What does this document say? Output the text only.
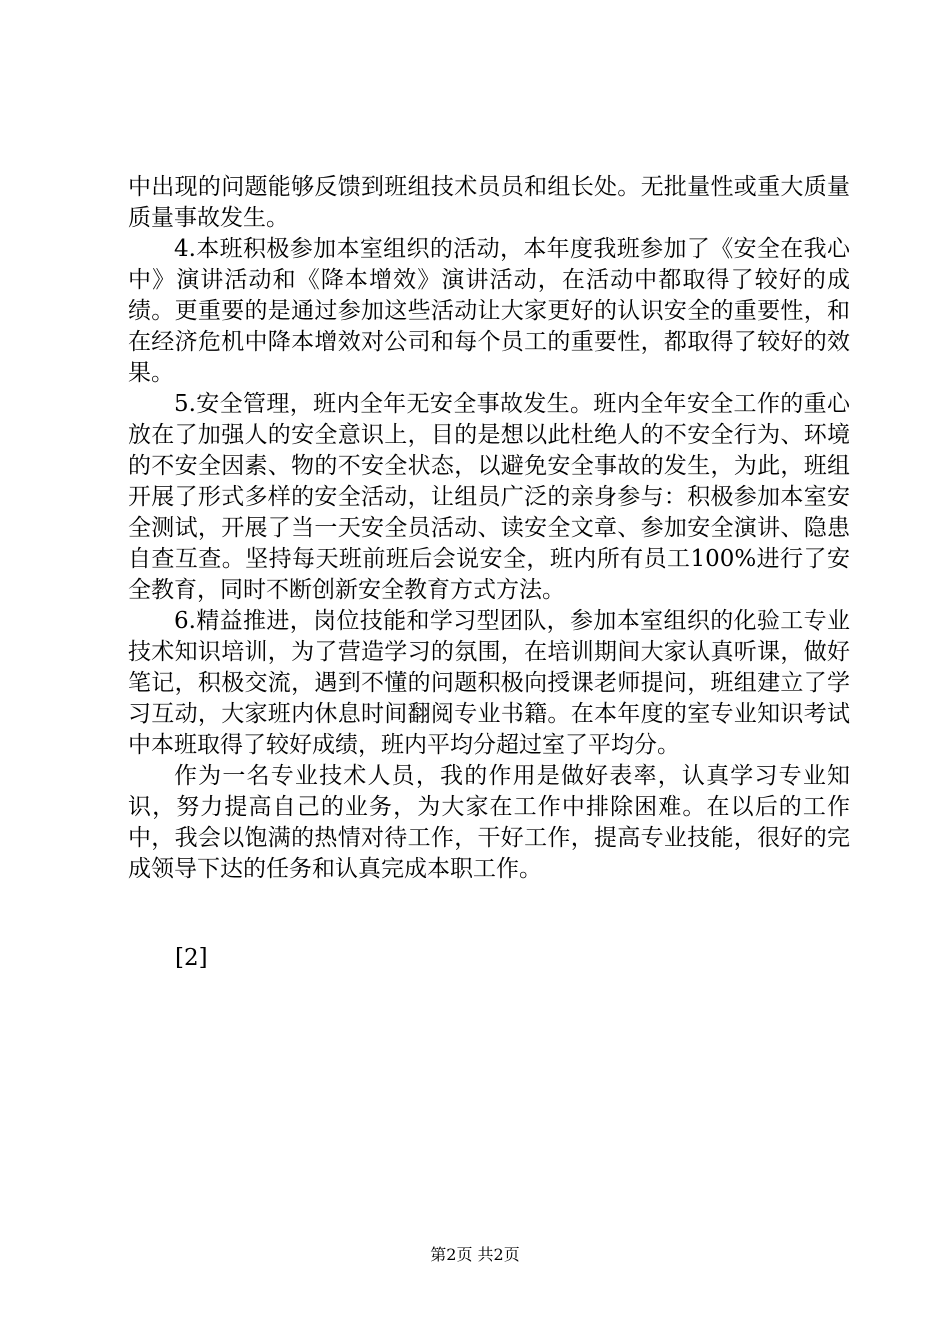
中出现的问题能够反馈到班组技术员员和组长处。无批量性或重大质量质量事故发生。

4.本班积极参加本室组织的活动，本年度我班参加了《安全在我心中》演讲活动和《降本增效》演讲活动，在活动中都取得了较好的成绩。更重要的是通过参加这些活动让大家更好的认识安全的重要性，和在经济危机中降本增效对公司和每个员工的重要性，都取得了较好的效果。

5.安全管理，班内全年无安全事故发生。班内全年安全工作的重心放在了加强人的安全意识上，目的是想以此杜绝人的不安全行为、环境的不安全因素、物的不安全状态，以避免安全事故的发生，为此，班组开展了形式多样的安全活动，让组员广泛的亲身参与：积极参加本室安全测试，开展了当一天安全员活动、读安全文章、参加安全演讲、隐患自查互查。坚持每天班前班后会说安全，班内所有员工100%进行了安全教育，同时不断创新安全教育方式方法。

6.精益推进，岗位技能和学习型团队，参加本室组织的化验工专业技术知识培训，为了营造学习的氛围，在培训期间大家认真听课，做好笔记，积极交流，遇到不懂的问题积极向授课老师提问，班组建立了学习互动，大家班内休息时间翻阅专业书籍。在本年度的室专业知识考试中本班取得了较好成绩，班内平均分超过室了平均分。

作为一名专业技术人员，我的作用是做好表率，认真学习专业知识，努力提高自己的业务，为大家在工作中排除困难。在以后的工作中，我会以饱满的热情对待工作，干好工作，提高专业技能，很好的完成领导下达的任务和认真完成本职工作。

[2]
第2页 共2页
